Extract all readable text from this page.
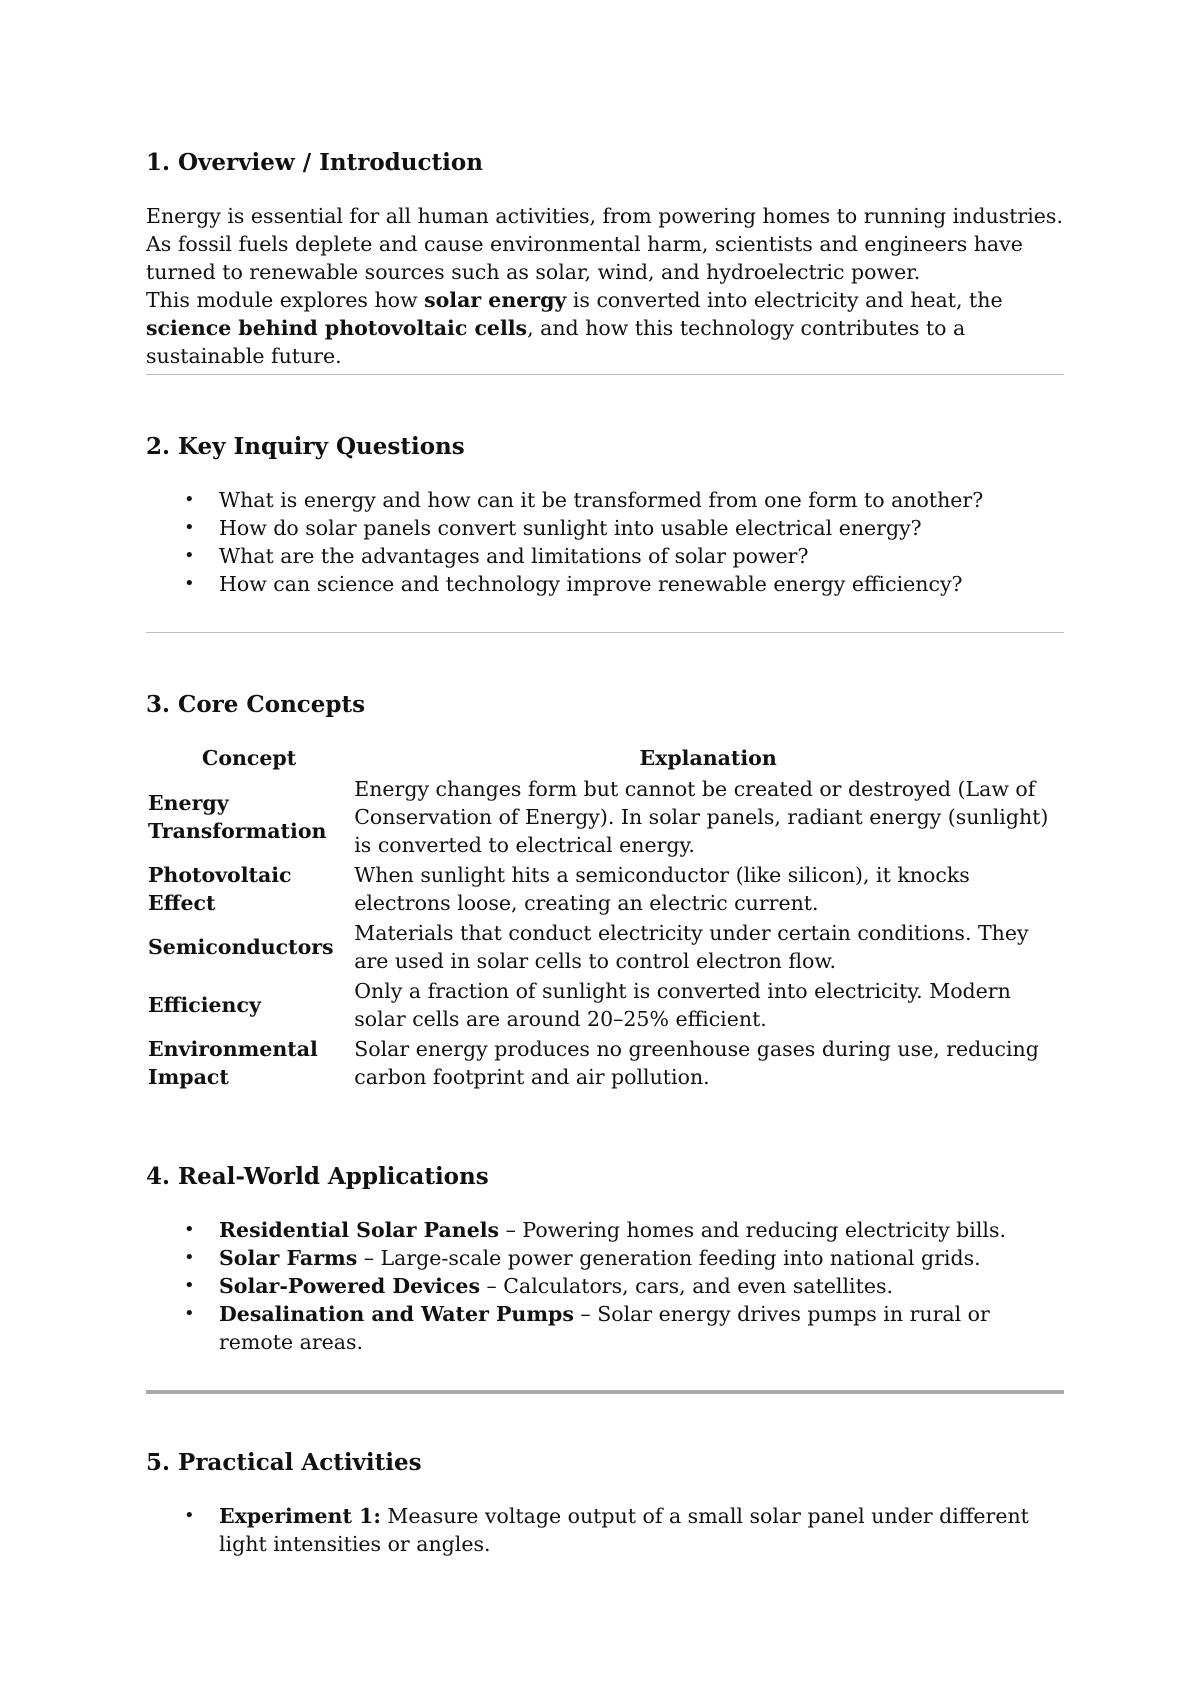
1. Overview / Introduction

Energy is essential for all human activities, from powering homes to running industries. As fossil fuels deplete and cause environmental harm, scientists and engineers have turned to renewable sources such as solar, wind, and hydroelectric power.

This module explores how solar energy is converted into electricity and heat, the science behind photovoltaic cells, and how this technology contributes to a sustainable future.

2. Key Inquiry Questions
• What is energy and how can it be transformed from one form to another?
• How do solar panels convert sunlight into usable electrical energy?
• What are the advantages and limitations of solar power?
• How can science and technology improve renewable energy efficiency?
3. Core Concepts
Concept	Explanation
Energy Transformation	Energy changes form but cannot be created or destroyed (Law of Conservation of Energy). In solar panels, radiant energy (sunlight) is converted to electrical energy.
Photovoltaic Effect	When sunlight hits a semiconductor (like silicon), it knocks electrons loose, creating an electric current.
Semiconductors	Materials that conduct electricity under certain conditions. They are used in solar cells to control electron flow.
Efficiency	Only a fraction of sunlight is converted into electricity. Modern solar cells are around 20–25% efficient.
Environmental Impact	Solar energy produces no greenhouse gases during use, reducing carbon footprint and air pollution.
4. Real-World Applications
• Residential Solar Panels – Powering homes and reducing electricity bills.
• Solar Farms – Large-scale power generation feeding into national grids.
• Solar-Powered Devices – Calculators, cars, and even satellites.
• Desalination and Water Pumps – Solar energy drives pumps in rural or remote areas.
5. Practical Activities
• Experiment 1: Measure voltage output of a small solar panel under different light intensities or angles.
